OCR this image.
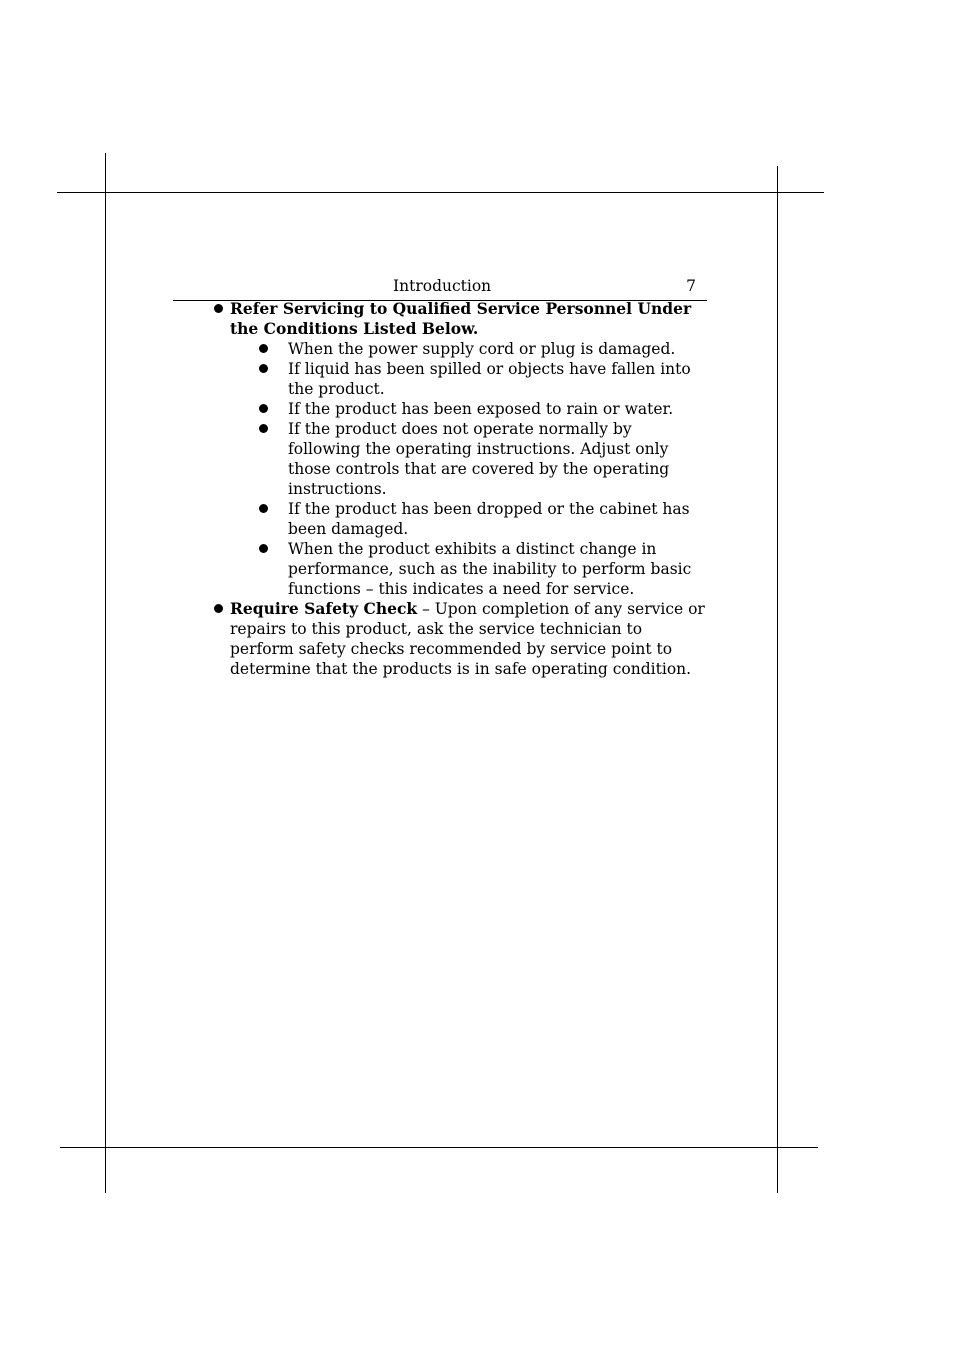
Introduction	7
Refer Servicing to Qualified Service Personnel Under the Conditions Listed Below.
When the power supply cord or plug is damaged.
If liquid has been spilled or objects have fallen into the product.
If the product has been exposed to rain or water.
If the product does not operate normally by following the operating instructions. Adjust only those controls that are covered by the operating instructions.
If the product has been dropped or the cabinet has been damaged.
When the product exhibits a distinct change in performance, such as the inability to perform basic functions – this indicates a need for service.
Require Safety Check – Upon completion of any service or repairs to this product, ask the service technician to perform safety checks recommended by service point to determine that the products is in safe operating condition.
